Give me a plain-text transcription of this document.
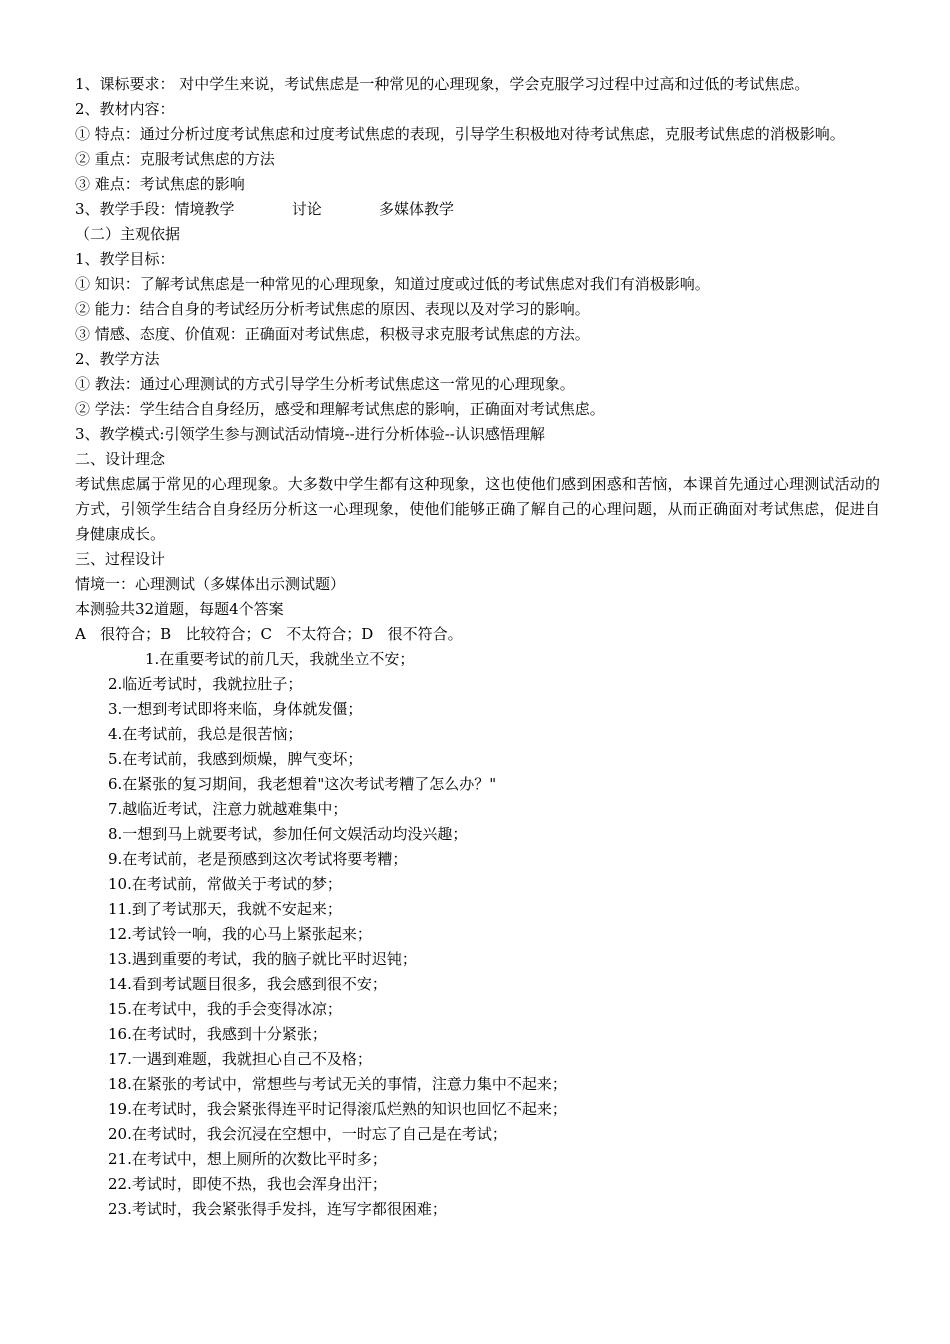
1、课标要求： 对中学生来说，考试焦虑是一种常见的心理现象，学会克服学习过程中过高和过低的考试焦虑。
2、教材内容：
① 特点：通过分析过度考试焦虑和过度考试焦虑的表现，引导学生积极地对待考试焦虑，克服考试焦虑的消极影响。
② 重点：克服考试焦虑的方法
③ 难点：考试焦虑的影响
3、教学手段：情境教学            讨论            多媒体教学
（二）主观依据
1、教学目标：
① 知识：了解考试焦虑是一种常见的心理现象，知道过度或过低的考试焦虑对我们有消极影响。
② 能力：结合自身的考试经历分析考试焦虑的原因、表现以及对学习的影响。
③ 情感、态度、价值观：正确面对考试焦虑，积极寻求克服考试焦虑的方法。
2、教学方法
① 教法：通过心理测试的方式引导学生分析考试焦虑这一常见的心理现象。
② 学法：学生结合自身经历，感受和理解考试焦虑的影响，正确面对考试焦虑。
3、教学模式:引领学生参与测试活动情境--进行分析体验--认识感悟理解
二、设计理念
考试焦虑属于常见的心理现象。大多数中学生都有这种现象，这也使他们感到困惑和苦恼，本课首先通过心理测试活动的方式，引领学生结合自身经历分析这一心理现象，使他们能够正确了解自己的心理问题，从而正确面对考试焦虑，促进自身健康成长。
三、过程设计
情境一：心理测试（多媒体出示测试题）
本测验共32道题，每题4个答案
A   很符合；B   比较符合；C   不太符合；D   很不符合。
1.在重要考试的前几天，我就坐立不安；
2.临近考试时，我就拉肚子；
3.一想到考试即将来临，身体就发僵；
4.在考试前，我总是很苦恼；
5.在考试前，我感到烦燥，脾气变坏；
6.在紧张的复习期间，我老想着"这次考试考糟了怎么办？"
7.越临近考试，注意力就越难集中；
8.一想到马上就要考试，参加任何文娱活动均没兴趣；
9.在考试前，老是预感到这次考试将要考糟；
10.在考试前，常做关于考试的梦；
11.到了考试那天，我就不安起来；
12.考试铃一响，我的心马上紧张起来；
13.遇到重要的考试，我的脑子就比平时迟钝；
14.看到考试题目很多，我会感到很不安；
15.在考试中，我的手会变得冰凉；
16.在考试时，我感到十分紧张；
17.一遇到难题，我就担心自己不及格；
18.在紧张的考试中，常想些与考试无关的事情，注意力集中不起来；
19.在考试时，我会紧张得连平时记得滚瓜烂熟的知识也回忆不起来；
20.在考试时，我会沉浸在空想中，一时忘了自己是在考试；
21.在考试中，想上厕所的次数比平时多；
22.考试时，即使不热，我也会浑身出汗；
23.考试时，我会紧张得手发抖，连写字都很困难；
